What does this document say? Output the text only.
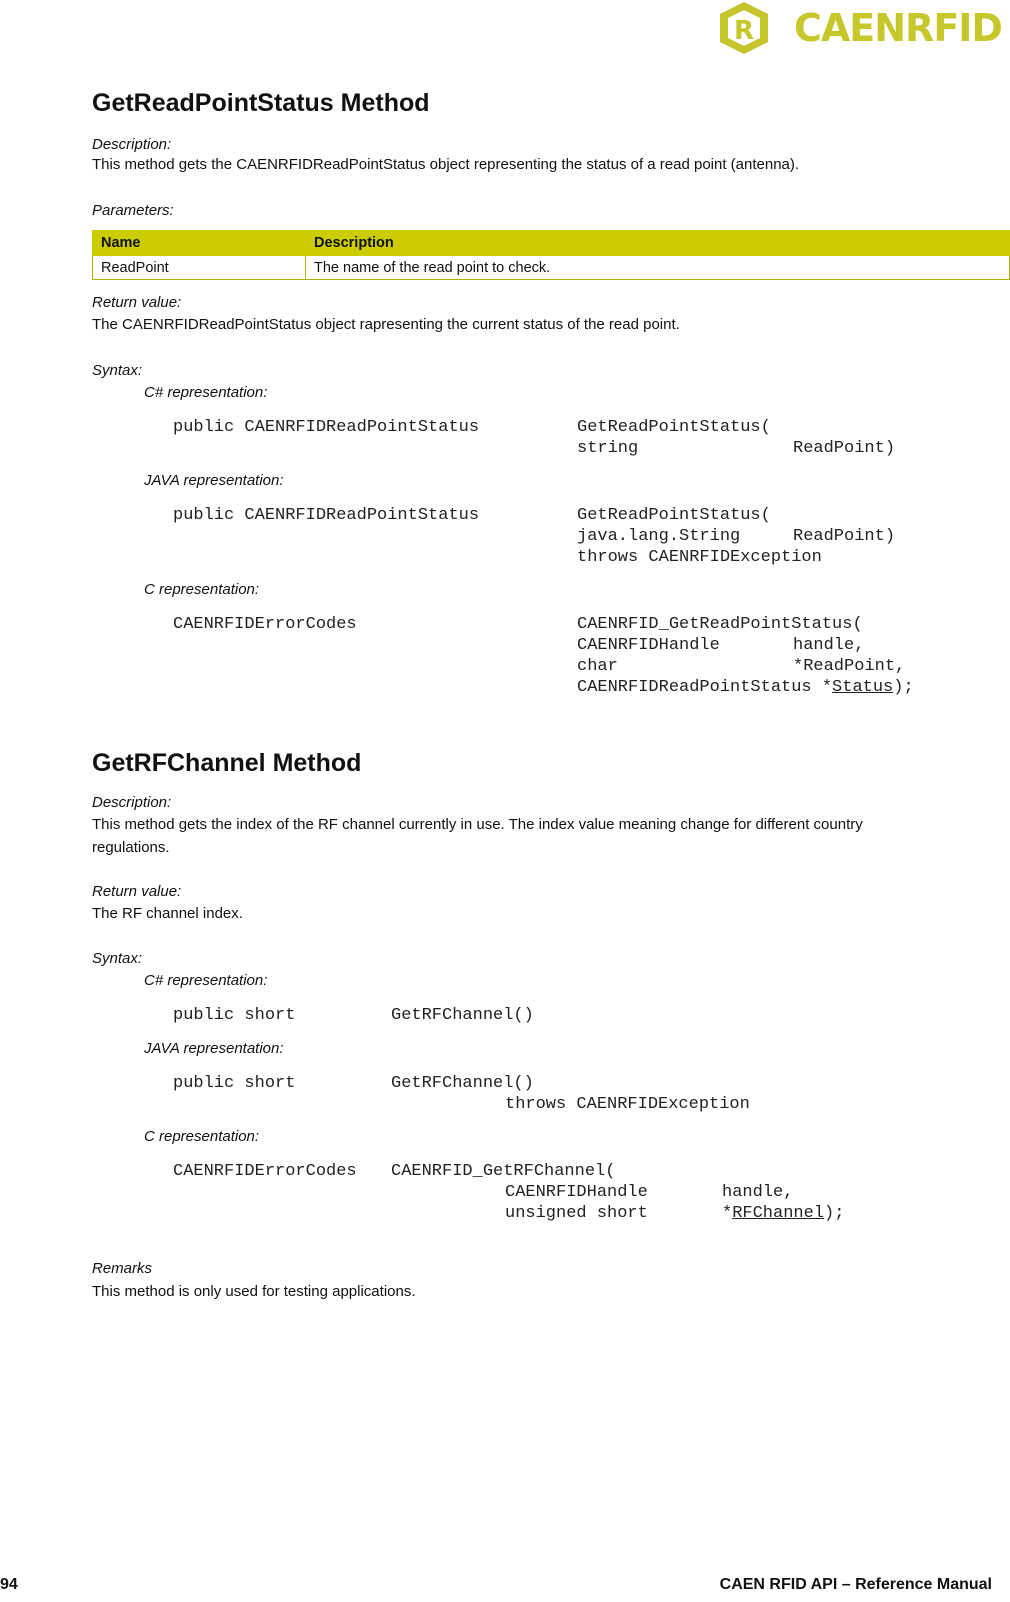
R CAENRFID
GetReadPointStatus Method
Description:
This method gets the CAENRFIDReadPointStatus object representing the status of a read point (antenna).
Parameters:
Name	Description
ReadPoint	The name of the read point to check.
Return value:
The CAENRFIDReadPointStatus object rapresenting the current status of the read point.
Syntax:
C# representation:
public CAENRFIDReadPointStatus	GetReadPointStatus(
string	ReadPoint)
JAVA representation:
public CAENRFIDReadPointStatus	GetReadPointStatus(
java.lang.String	ReadPoint)
throws CAENRFIDException
C representation:
CAENRFIDErrorCodes	CAENRFID_GetReadPointStatus(
CAENRFIDHandle	handle,
char	*ReadPoint,
CAENRFIDReadPointStatus *Status);
GetRFChannel Method
Description:
This method gets the index of the RF channel currently in use. The index value meaning change for different country
regulations.
Return value:
The RF channel index.
Syntax:
C# representation:
public short	GetRFChannel()
JAVA representation:
public short	GetRFChannel()
throws CAENRFIDException
C representation:
CAENRFIDErrorCodes CAENRFID_GetRFChannel(
CAENRFIDHandle	handle,
unsigned short	*RFChannel);
Remarks
This method is only used for testing applications.
94	CAEN RFID API – Reference Manual
